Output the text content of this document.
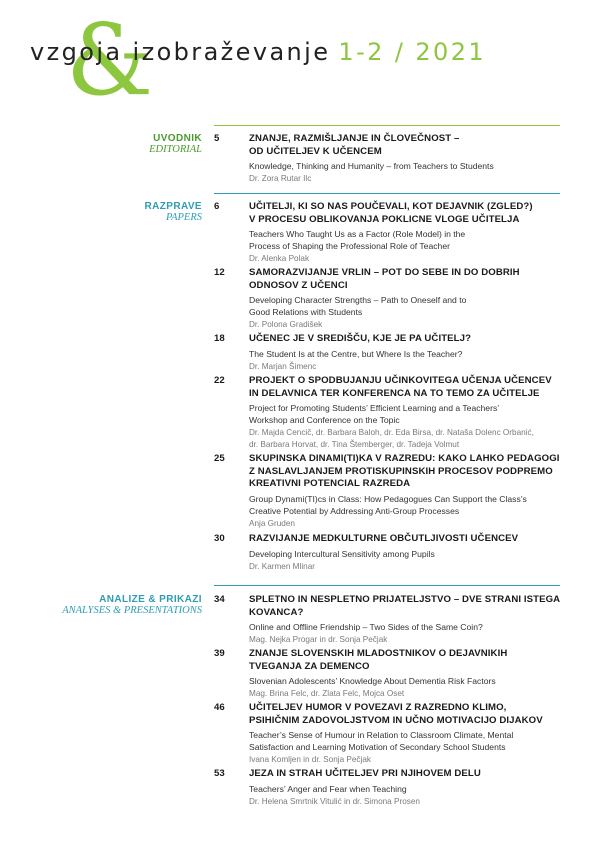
&
vzgoja izobraževanje 1-2 / 2021
UVODNIK
EDITORIAL
5	ZNANJE, RAZMIŠLJANJE IN ČLOVEČNOST –
OD UČITELJEV K UČENCEM
Knowledge, Thinking and Humanity – from Teachers to Students
Dr. Zora Rutar Ilc
RAZPRAVE
PAPERS
6	UČITELJI, KI SO NAS POUČEVALI, KOT DEJAVNIK (ZGLED?)
V PROCESU OBLIKOVANJA POKLICNE VLOGE UČITELJA
Teachers Who Taught Us as a Factor (Role Model) in the
Process of Shaping the Professional Role of Teacher
Dr. Alenka Polak
12	SAMORAZVIJANJE VRLIN – POT DO SEBE IN DO DOBRIH
ODNOSOV Z UČENCI
Developing Character Strengths – Path to Oneself and to
Good Relations with Students
Dr. Polona Gradišek
18	UČENEC JE V SREDIŠČU, KJE JE PA UČITELJ?
The Student Is at the Centre, but Where Is the Teacher?
Dr. Marjan Šimenc
22	PROJEKT O SPODBUJANJU UČINKOVITEGA UČENJA UČENCEV
IN DELAVNICA TER KONFERENCA NA TO TEMO ZA UČITELJE
Project for Promoting Students’ Efficient Learning and a Teachers’
Workshop and Conference on the Topic
Dr. Majda Cencič, dr. Barbara Baloh, dr. Eda Birsa, dr. Nataša Dolenc Orbanić,
dr. Barbara Horvat, dr. Tina Štemberger, dr. Tadeja Volmut
25	SKUPINSKA DINAMI(TI)KA V RAZREDU: KAKO LAHKO PEDAGOGI
Z NASLAVLJANJEM PROTISKUPINSKIH PROCESOV PODPREMO
KREATIVNI POTENCIAL RAZREDA
Group Dynami(TI)cs in Class: How Pedagogues Can Support the Class’s
Creative Potential by Addressing Anti-Group Processes
Anja Gruden
30	RAZVIJANJE MEDKULTURNE OBČUTLJIVOSTI UČENCEV
Developing Intercultural Sensitivity among Pupils
Dr. Karmen Mlinar
ANALIZE & PRIKAZI
ANALYSES & PRESENTATIONS
34	SPLETNO IN NESPLETNO PRIJATELJSTVO – DVE STRANI ISTEGA
KOVANCA?
Online and Offline Friendship – Two Sides of the Same Coin?
Mag. Nejka Progar in dr. Sonja Pečjak
39	ZNANJE SLOVENSKIH MLADOSTNIKOV O DEJAVNIKIH
TVEGANJA ZA DEMENCO
Slovenian Adolescents’ Knowledge About Dementia Risk Factors
Mag. Brina Felc, dr. Zlata Felc, Mojca Oset
46	UČITELJEV HUMOR V POVEZAVI Z RAZREDNO KLIMO,
PSIHIČNIM ZADOVOLJSTVOM IN UČNO MOTIVACIJO DIJAKOV
Teacher’s Sense of Humour in Relation to Classroom Climate, Mental
Satisfaction and Learning Motivation of Secondary School Students
Ivana Komljen in dr. Sonja Pečjak
53	JEZA IN STRAH UČITELJEV PRI NJIHOVEM DELU
Teachers’ Anger and Fear when Teaching
Dr. Helena Smrtnik Vitulić in dr. Simona Prosen
